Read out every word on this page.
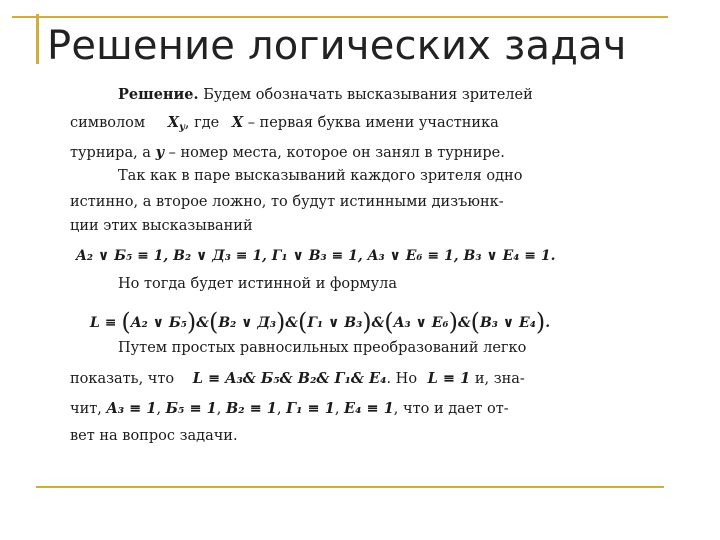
Решение логических задач
Решение. Будем обозначать высказывания зрителей
символом $X_y$, где X – первая буква имени участника
турнира, а y – номер места, которое он занял в турнире.
Так как в паре высказываний каждого зрителя одно
истинно, а второе ложно, то будут истинными дизъюнк-
ции этих высказываний
A₂ ∨ Б₅ ≡ 1, B₂ ∨ Д₃ ≡ 1, Г₁ ∨ B₃ ≡ 1, A₃ ∨ E₆ ≡ 1, B₃ ∨ E₄ ≡ 1.
Но тогда будет истинной и формула
L ≡ (A₂ ∨ Б₅)&(B₂ ∨ Д₃)&(Г₁ ∨ B₃)&(A₃ ∨ E₆)&(B₃ ∨ E₄).
Путем простых равносильных преобразований легко
показать, что L ≡ A₃& Б₅& B₂& Г₁& E₄. Но L ≡ 1 и, зна-
чит, A₃ ≡ 1, Б₅ ≡ 1, B₂ ≡ 1, Г₁ ≡ 1, E₄ ≡ 1, что и дает от-
вет на вопрос задачи.
